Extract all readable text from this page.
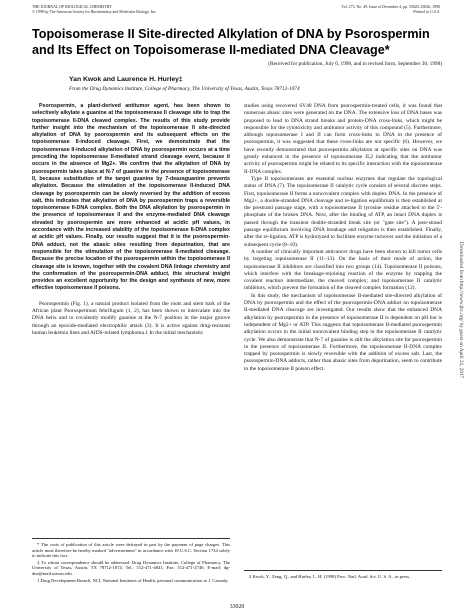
THE JOURNAL OF BIOLOGICAL CHEMISTRY
© 1998 by The American Society for Biochemistry and Molecular Biology, Inc.
Vol. 273, No. 49, Issue of December 4, pp. 33020–33026, 1998
Printed in U.S.A.
Topoisomerase II Site-directed Alkylation of DNA by Psorospermin and Its Effect on Topoisomerase II-mediated DNA Cleavage*
(Received for publication, July 6, 1998, and in revised form, September 30, 1998)
Yan Kwok and Laurence H. Hurley‡
From the Drug Dynamics Institute, College of Pharmacy, The University of Texas, Austin, Texas 78712-1074

Psorospermin, a plant-derived antitumor agent, has been shown to selectively alkylate a guanine at the topoisomerase II cleavage site to trap the topoisomerase II-DNA cleaved complex. The results of this study provide further insight into the mechanism of the topoisomerase II site-directed alkylation of DNA by psorospermin and its subsequent effects on the topoisomerase II-induced cleavage. First, we demonstrate that the topoisomerase II-induced alkylation of DNA by psorospermin occurs at a time preceding the topoisomerase II-mediated strand cleavage event, because it occurs in the absence of Mg2+. We confirm that the alkylation of DNA by psorospermin takes place at N-7 of guanine in the presence of topoisomerase II, because substitution of the target guanine by 7-deazaguanine prevents alkylation. Because the stimulation of the topoisomerase II-induced DNA cleavage by psorospermin can be slowly reversed by the addition of excess salt, this indicates that alkylation of DNA by psorospermin traps a reversible topoisomerase II-DNA complex. Both the DNA alkylation by psorospermin in the presence of topoisomerase II and the enzyme-mediated DNA cleavage elevated by psorospermin are more enhanced at acidic pH values, in accordance with the increased stability of the topoisomerase II-DNA complex at acidic pH values. Finally, our results suggest that it is the psorospermin-DNA adduct, not the abasic sites resulting from depurination, that are responsible for the stimulation of the topoisomerase II-mediated cleavage. Because the precise location of the psorospermin within the topoisomerase II cleavage site is known, together with the covalent DNA linkage chemistry and the conformation of the psorospermin-DNA adduct, this structural insight provides an excellent opportunity for the design and synthesis of new, more effective topoisomerase II poisons.

Psorospermin (Fig. 1), a natural product isolated from the roots and stem bark of the African plant Psorospermum febrifugum (1, 2), has been shown to intercalate into the DNA helix and to covalently modify guanine at the N-7 position in the major groove through an epoxide-mediated electrophilic attack (3). It is active against drug-resistant human leukemia lines and AIDS-related lymphoma.1 In the initial mechanistic

studies using recovered SV40 DNA from psorospermin-treated cells, it was found that numerous abasic sites were generated on the DNA. The extensive loss of DNA bases was proposed to lead to DNA strand breaks and protein-DNA cross-links, which might be responsible for the cytotoxicity and antitumor activity of this compound (5). Furthermore, although topoisomerase I and II can form cross-links to DNA in the presence of psorospermin, it was suggested that these cross-links are not specific (6). However, we have recently demonstrated that psorospermin alkylation at specific sites on DNA was greatly enhanced in the presence of topoisomerase II,2 indicating that the antitumor activity of psorospermin might be related to its specific interaction with the topoisomerase II-DNA complex.

Type II topoisomerases are essential nuclear enzymes that regulate the topological status of DNA (7). The topoisomerase II catalytic cycle consists of several discrete steps. First, topoisomerase II forms a noncovalent complex with duplex DNA. In the presence of Mg2+, a double-stranded DNA cleavage and re-ligation equilibrium is then established at the prestrand passage stage, with a topoisomerase II tyrosine residue attached to the 5'-phosphate of the broken DNA. Next, after the binding of ATP, an intact DNA duplex is passed through the transient double-stranded break site (or "gate site"). A post-strand passage equilibrium involving DNA breakage and religation is then established. Finally, after the re-ligation, ATP is hydrolyzed to facilitate enzyme turnover and the initiation of a subsequent cycle (8–10).

A number of clinically important anticancer drugs have been shown to kill tumor cells by targeting topoisomerase II (11–13). On the basis of their mode of action, the topoisomerase II inhibitors are classified into two groups (14). Topoisomerase II poisons, which interfere with the breakage-rejoining reaction of the enzyme by trapping the covalent reaction intermediate, the cleaved complex; and topoisomerase II catalytic inhibitors, which prevent the formation of the cleaved complex formation (12).

In this study, the mechanism of topoisomerase II-mediated site-directed alkylation of DNA by psorospermin and the effect of the psorospermin-DNA adduct on topoisomerase II-mediated DNA cleavage are investigated. Our results show that the enhanced DNA alkylation by psorospermin in the presence of topoisomerase II is dependent on pH but is independent of Mg2+ or ATP. This suggests that topoisomerase II-mediated psorospermin alkylation occurs in the initial noncovalent binding step in the topoisomerase II catalytic cycle. We also demonstrate that N-7 of guanine is still the alkylation site for psorospermin in the presence of topoisomerase II. Furthermore, the topoisomerase II-DNA complex trapped by psorospermin is slowly reversible with the addition of excess salt. Last, the psorospermin-DNA adducts, rather than abasic sites from depurination, seem to contribute to the topoisomerase II poison effect.

* The costs of publication of this article were defrayed in part by the payment of page charges. This article must therefore be hereby marked "advertisement" in accordance with 18 U.S.C. Section 1734 solely to indicate this fact.

‡ To whom correspondence should be addressed: Drug Dynamics Institute, College of Pharmacy, The University of Texas, Austin, TX 78712-1074. Tel.: 512-471-4841; Fax: 512-471-2746; E-mail: dg-dna@mail.utexas.edu.

1 Drug Development Branch, NCI, National Institutes of Health, personal communication to J. Cassady.

2 Kwok, Y., Zeng, Q., and Hurley, L. H. (1998) Proc. Natl. Acad. Sci. U. S. A., in press.

33020
Downloaded from http://www.jbc.org/ by guest on April 21, 2017
